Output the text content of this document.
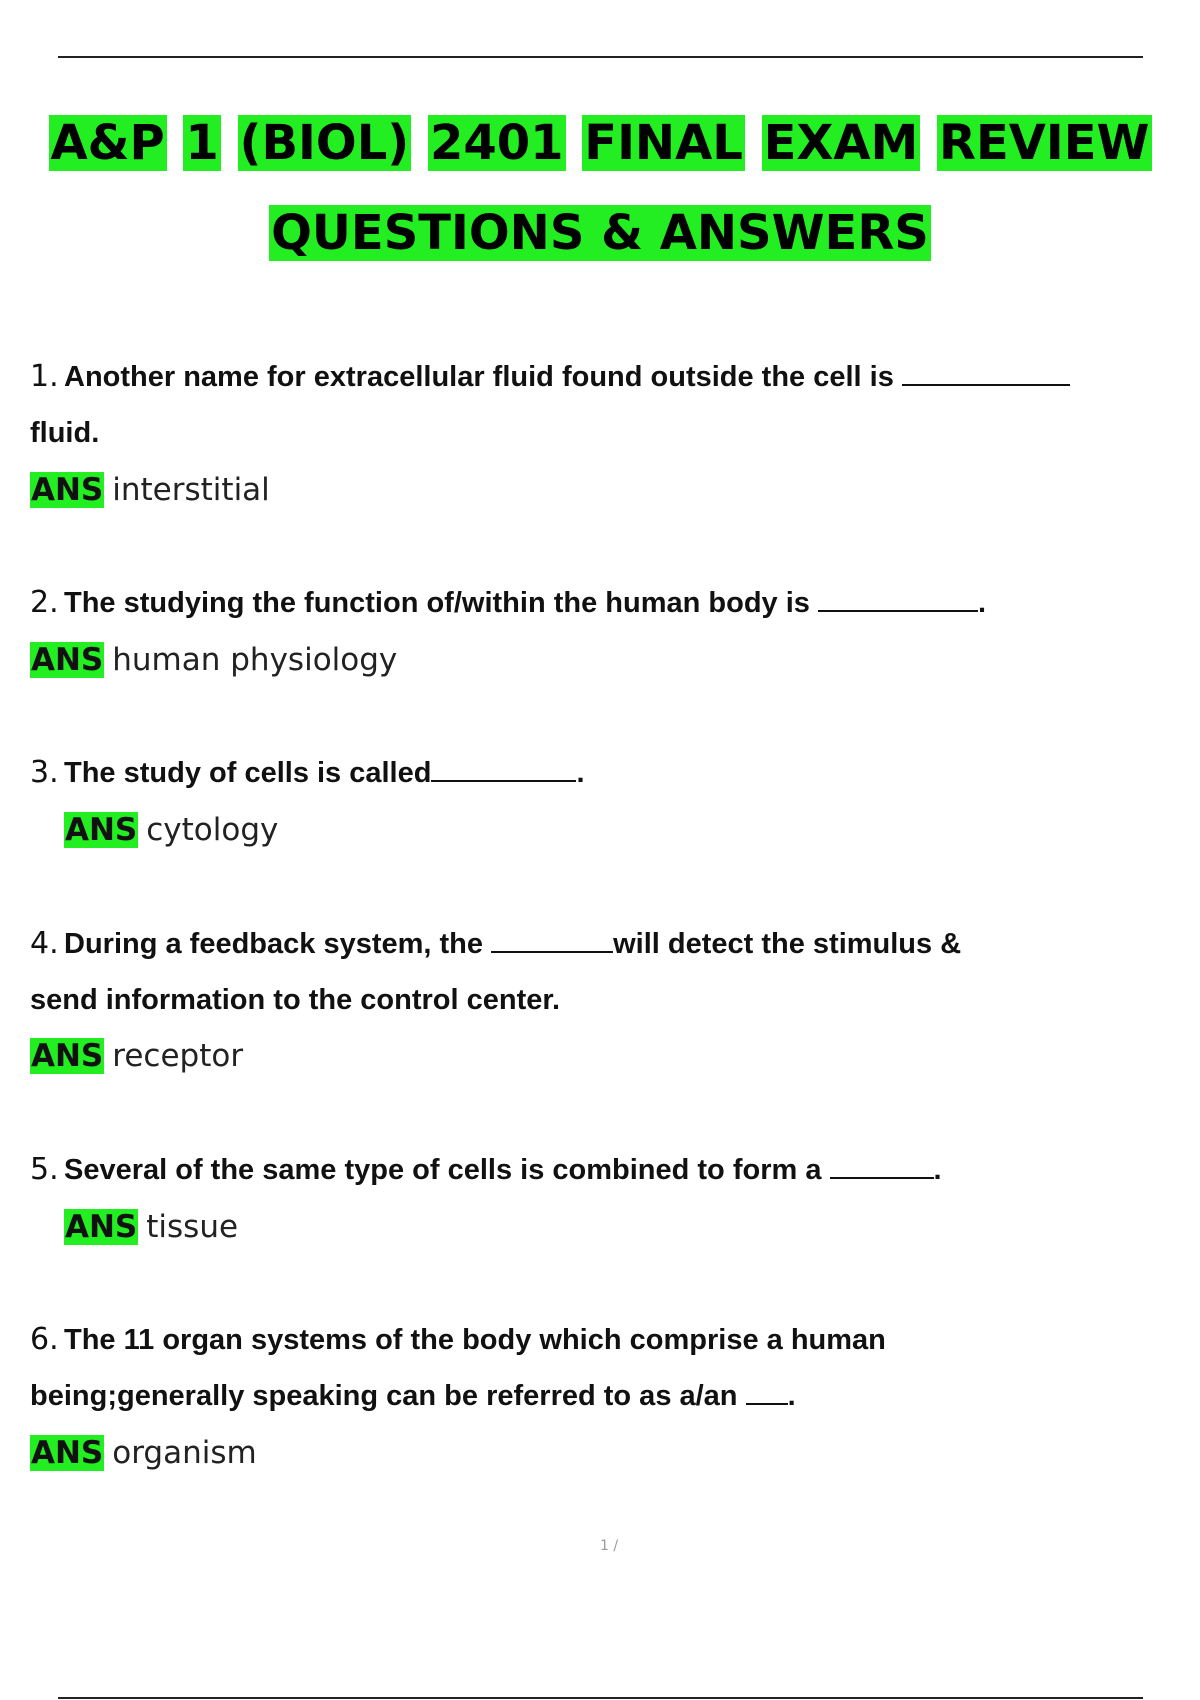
A&P 1 (BIOL) 2401 FINAL EXAM REVIEW
QUESTIONS & ANSWERS
1. Another name for extracellular fluid found outside the cell is
fluid.
ANS interstitial
2. The studying the function of/within the human body is	.
ANS human physiology
3. The study of cells is called	.
ANS cytology
4. During a feedback system, the	will detect the stimulus &
send information to the control center.
ANS receptor
5. Several of the same type of cells is combined to form a	.
ANS tissue
6. The 11 organ systems of the body which comprise a human
being;generally speaking can be referred to as a/an .
ANS organism
1 /
